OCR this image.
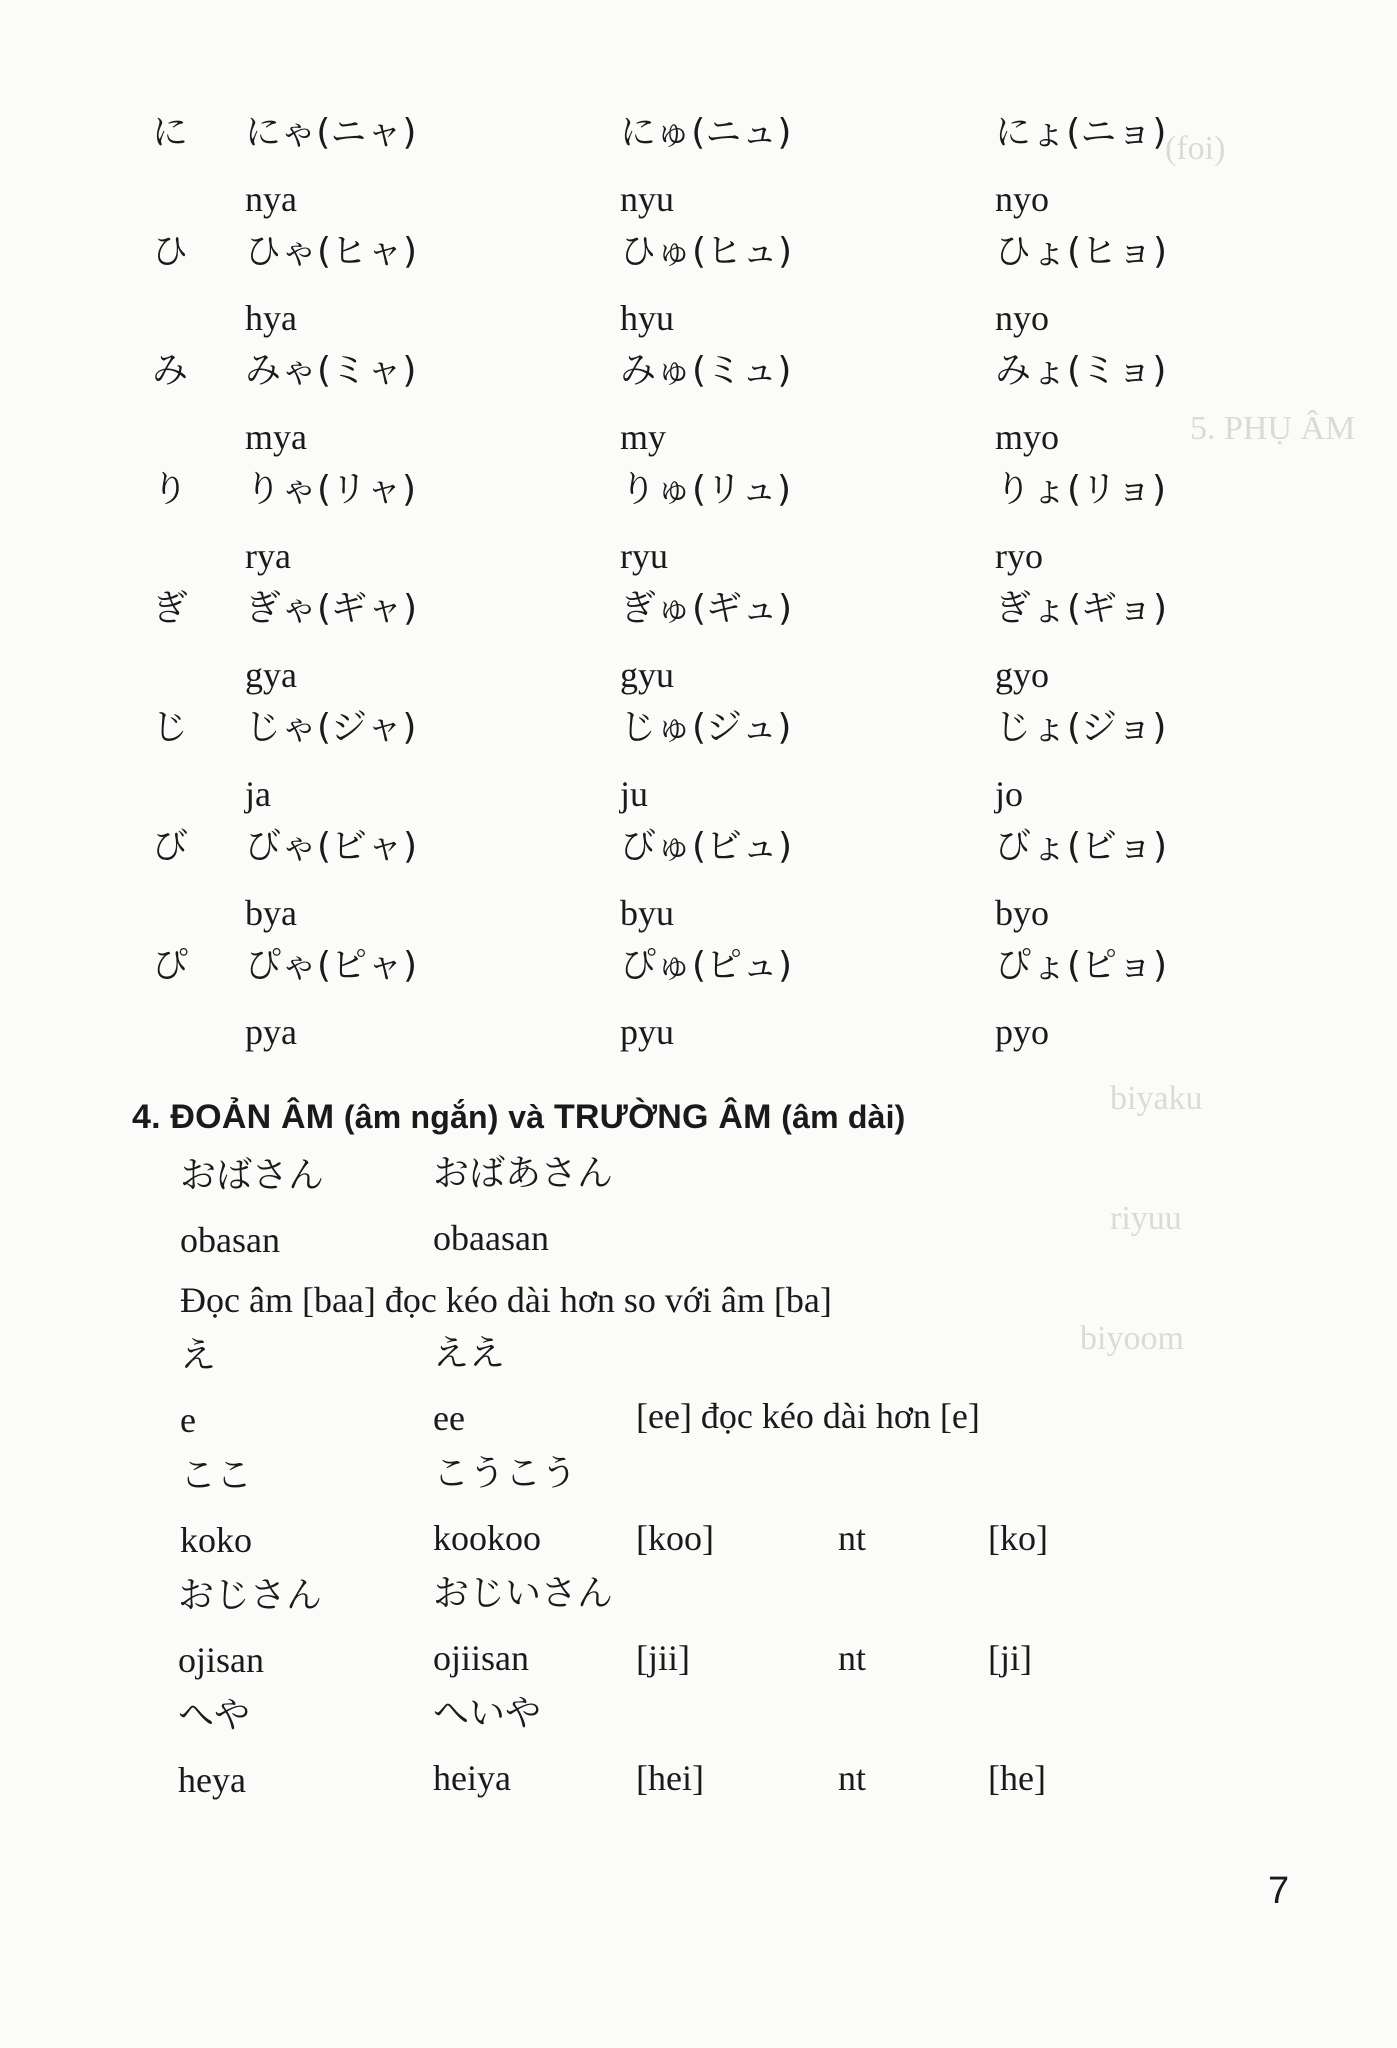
(foi)
5. PHỤ ÂM
biyaku
riyuu
biyoom
に にゃ(ニャ)	にゅ(ニュ)	にょ(ニョ)
nya	nyu	nyo
ひ ひゃ(ヒャ)	ひゅ(ヒュ)	ひょ(ヒョ)
hya	hyu	nyo
み みゃ(ミャ)	みゅ(ミュ)	みょ(ミョ)
mya	my	myo
り りゃ(リャ)	りゅ(リュ)	りょ(リョ)
rya	ryu	ryo
ぎ ぎゃ(ギャ)	ぎゅ(ギュ)	ぎょ(ギョ)
gya	gyu	gyo
じ じゃ(ジャ)	じゅ(ジュ)	じょ(ジョ)
ja	ju	jo
び びゃ(ビャ)	びゅ(ビュ)	びょ(ビョ)
bya	byu	byo
ぴ ぴゃ(ピャ)	ぴゅ(ピュ)	ぴょ(ピョ)
pya	pyu	pyo
4. ĐOẢN ÂM (âm ngắn) và TRƯỜNG ÂM (âm dài)
おばさん	おばあさん
obasan	obaasan
Đọc âm [baa] đọc kéo dài hơn so với âm [ba]
え	ええ
e	ee	[ee] đọc kéo dài hơn [e]
ここ	こうこう
koko	kookoo	[koo]	nt	[ko]
おじさん	おじいさん
ojisan	ojiisan	[jii]	nt	[ji]
へや	へいや
heya	heiya	[hei]	nt	[he]
7
